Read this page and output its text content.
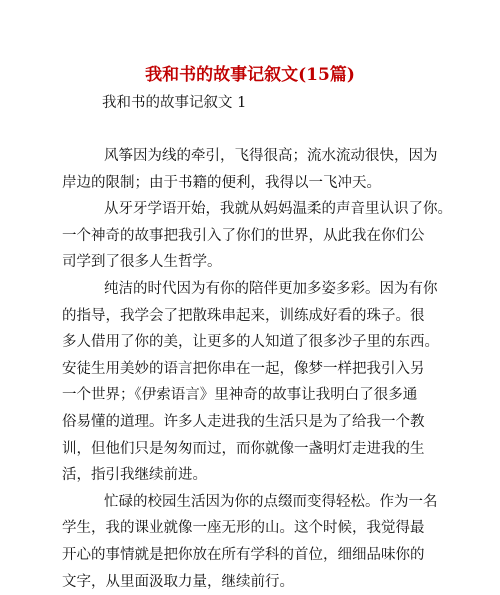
我和书的故事记叙文(15篇)
我和书的故事记叙文 1
风筝因为线的牵引，飞得很高；流水流动很快，因为
岸边的限制；由于书籍的便利，我得以一飞冲天。
从牙牙学语开始，我就从妈妈温柔的声音里认识了你。
一个神奇的故事把我引入了你们的世界，从此我在你们公
司学到了很多人生哲学。
纯洁的时代因为有你的陪伴更加多姿多彩。因为有你
的指导，我学会了把散珠串起来，训练成好看的珠子。很
多人借用了你的美，让更多的人知道了很多沙子里的东西。
安徒生用美妙的语言把你串在一起，像梦一样把我引入另
一个世界；《伊索语言》里神奇的故事让我明白了很多通
俗易懂的道理。许多人走进我的生活只是为了给我一个教
训，但他们只是匆匆而过，而你就像一盏明灯走进我的生
活，指引我继续前进。
忙碌的校园生活因为你的点缀而变得轻松。作为一名
学生，我的课业就像一座无形的山。这个时候，我觉得最
开心的事情就是把你放在所有学科的首位，细细品味你的
文字，从里面汲取力量，继续前行。
